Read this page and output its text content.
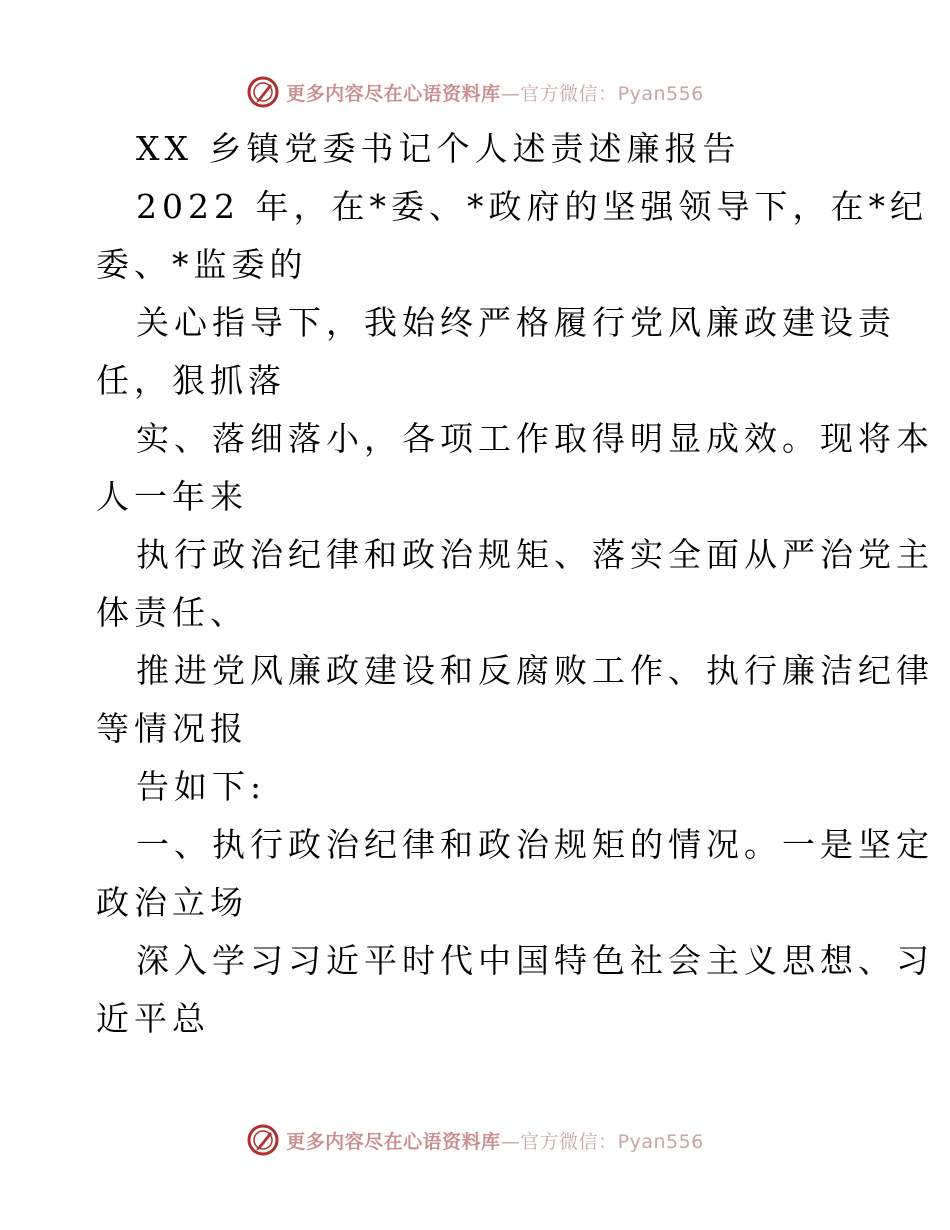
更多内容尽在心语资料库—官方微信：Pyan556
XX 乡镇党委书记个人述责述廉报告
2022 年，在*委、*政府的坚强领导下，在*纪
委、*监委的
关心指导下，我始终严格履行党风廉政建设责
任，狠抓落
实、落细落小，各项工作取得明显成效。现将本
人一年来
执行政治纪律和政治规矩、落实全面从严治党主
体责任、
推进党风廉政建设和反腐败工作、执行廉洁纪律
等情况报
告如下:
一、执行政治纪律和政治规矩的情况。一是坚定
政治立场
深入学习习近平时代中国特色社会主义思想、习
近平总
更多内容尽在心语资料库—官方微信：Pyan556
